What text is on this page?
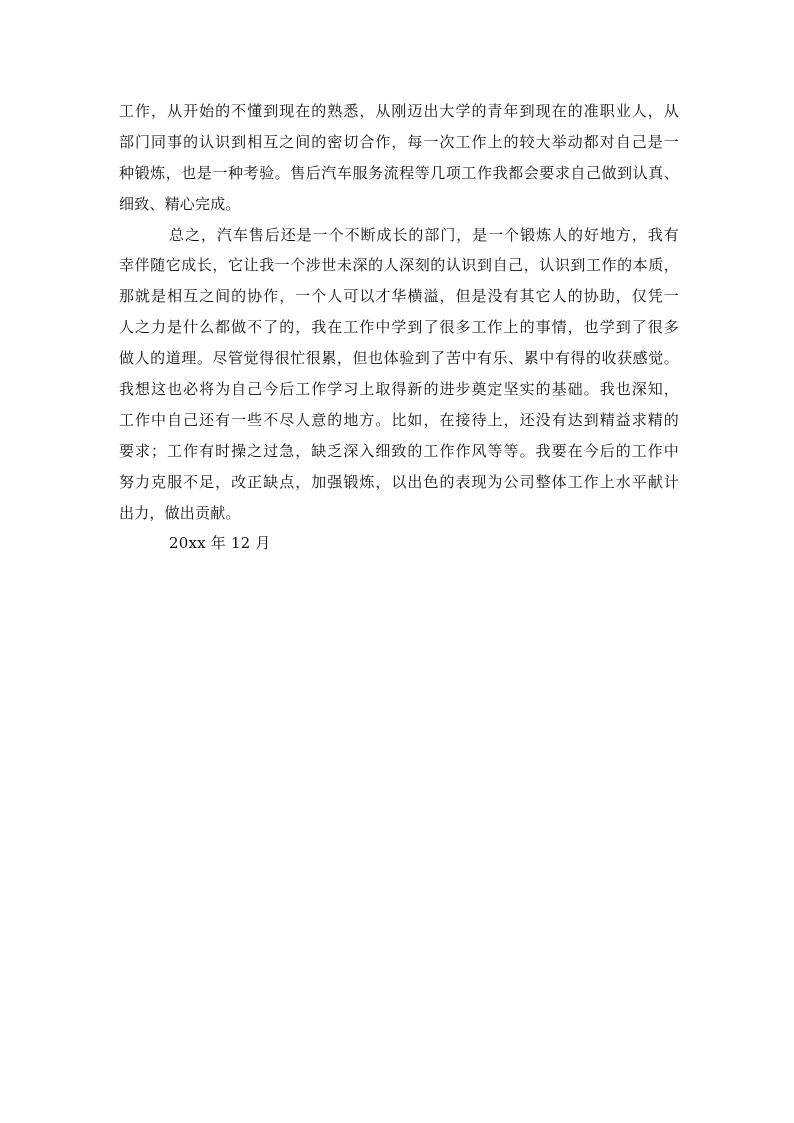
工作，从开始的不懂到现在的熟悉，从刚迈出大学的青年到现在的准职业人，从
部门同事的认识到相互之间的密切合作，每一次工作上的较大举动都对自己是一
种锻炼，也是一种考验。售后汽车服务流程等几项工作我都会要求自己做到认真、
细致、精心完成。
总之，汽车售后还是一个不断成长的部门，是一个锻炼人的好地方，我有
幸伴随它成长，它让我一个涉世未深的人深刻的认识到自己，认识到工作的本质，
那就是相互之间的协作，一个人可以才华横溢，但是没有其它人的协助，仅凭一
人之力是什么都做不了的，我在工作中学到了很多工作上的事情，也学到了很多
做人的道理。尽管觉得很忙很累，但也体验到了苦中有乐、累中有得的收获感觉。
我想这也必将为自己今后工作学习上取得新的进步奠定坚实的基础。我也深知，
工作中自己还有一些不尽人意的地方。比如，在接待上，还没有达到精益求精的
要求；工作有时操之过急，缺乏深入细致的工作作风等等。我要在今后的工作中
努力克服不足，改正缺点，加强锻炼，以出色的表现为公司整体工作上水平献计
出力，做出贡献。
20xx 年 12 月
